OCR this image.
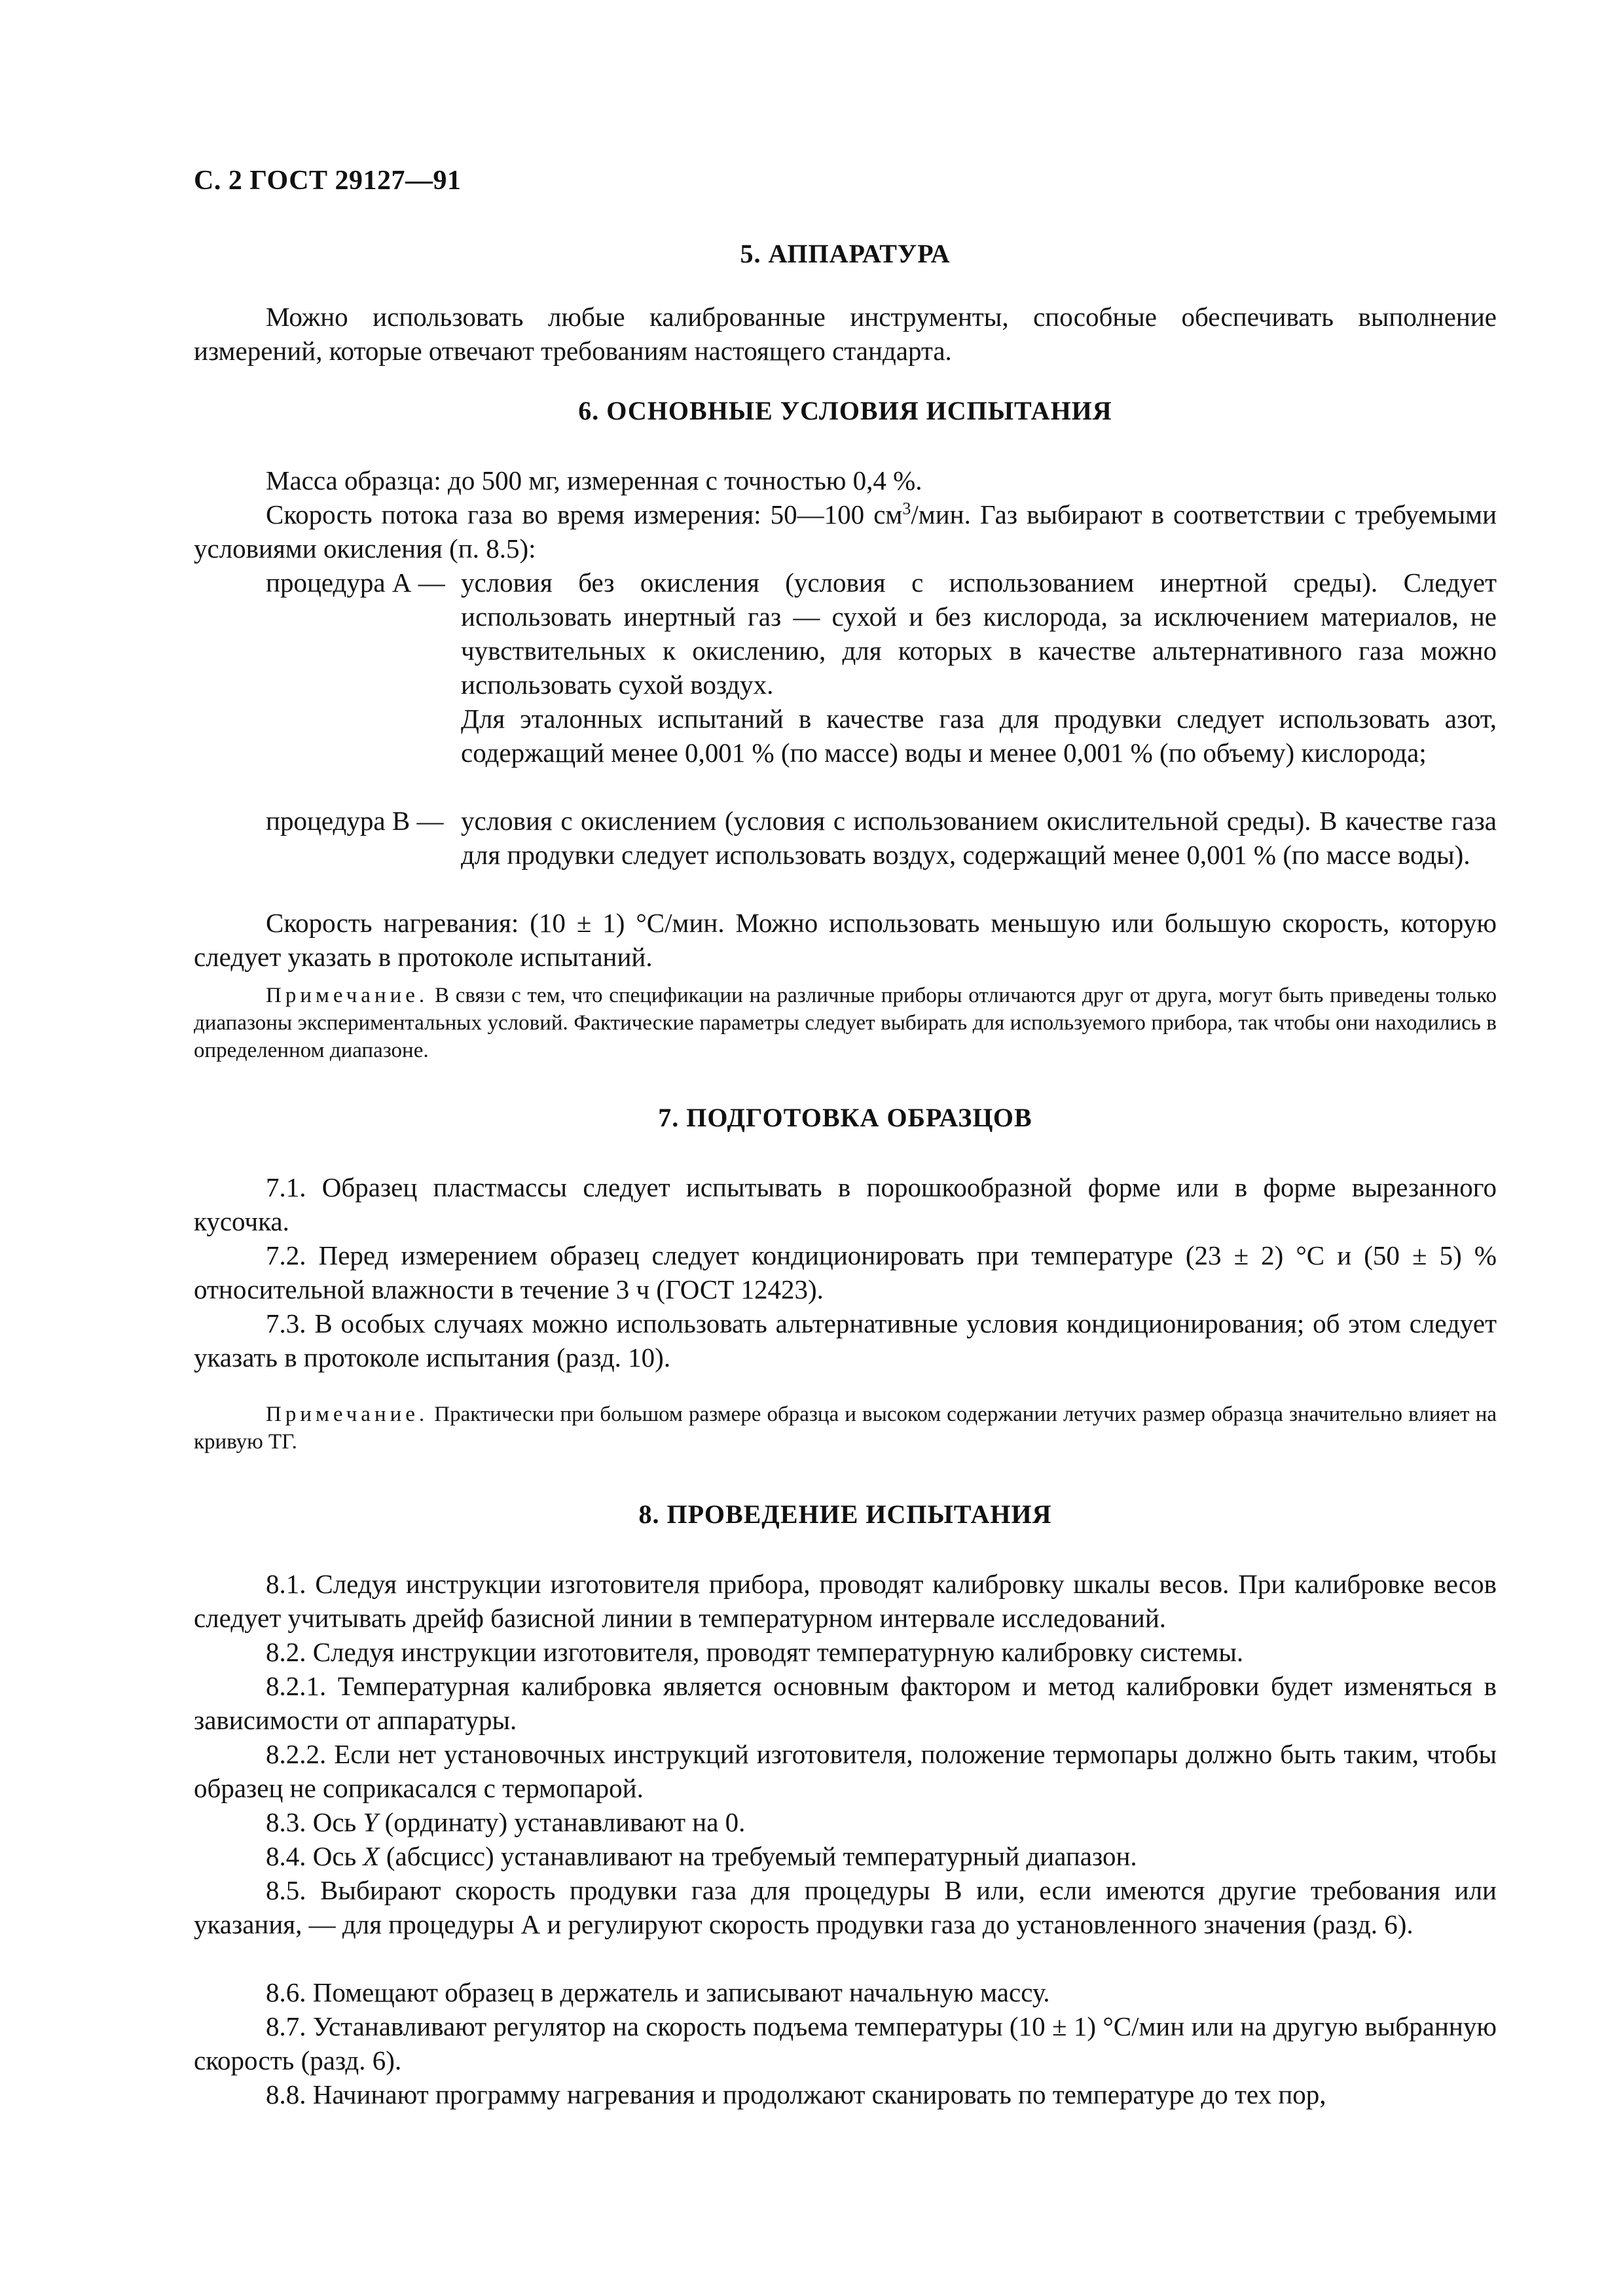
С. 2 ГОСТ 29127—91
5. АППАРАТУРА
Можно использовать любые калиброванные инструменты, способные обеспечивать выполнение измерений, которые отвечают требованиям настоящего стандарта.
6. ОСНОВНЫЕ УСЛОВИЯ ИСПЫТАНИЯ
Масса образца: до 500 мг, измеренная с точностью 0,4 %.
Скорость потока газа во время измерения: 50—100 $см^3$/мин. Газ выбирают в соответствии с требуемыми условиями окисления (п. 8.5):
процедура А — условия без окисления (условия с использованием инертной среды). Следует использовать инертный газ — сухой и без кислорода, за исключением материалов, не чувствительных к окислению, для которых в качестве альтернативного газа можно использовать сухой воздух.
Для эталонных испытаний в качестве газа для продувки следует использовать азот, содержащий менее 0,001 % (по массе) воды и менее 0,001 % (по объему) кислорода;
процедура В — условия с окислением (условия с использованием окислительной среды). В качестве газа для продувки следует использовать воздух, содержащий менее 0,001 % (по массе воды).
Скорость нагревания: (10 ± 1) °С/мин. Можно использовать меньшую или большую скорость, которую следует указать в протоколе испытаний.
Примечание. В связи с тем, что спецификации на различные приборы отличаются друг от друга, могут быть приведены только диапазоны экспериментальных условий. Фактические параметры следует выбирать для используемого прибора, так чтобы они находились в определенном диапазоне.
7. ПОДГОТОВКА ОБРАЗЦОВ
7.1. Образец пластмассы следует испытывать в порошкообразной форме или в форме вырезанного кусочка.
7.2. Перед измерением образец следует кондиционировать при температуре (23 ± 2) °С и (50 ± 5) % относительной влажности в течение 3 ч (ГОСТ 12423).
7.3. В особых случаях можно использовать альтернативные условия кондиционирования; об этом следует указать в протоколе испытания (разд. 10).
Примечание. Практически при большом размере образца и высоком содержании летучих размер образца значительно влияет на кривую ТГ.
8. ПРОВЕДЕНИЕ ИСПЫТАНИЯ
8.1. Следуя инструкции изготовителя прибора, проводят калибровку шкалы весов. При калибровке весов следует учитывать дрейф базисной линии в температурном интервале исследований.
8.2. Следуя инструкции изготовителя, проводят температурную калибровку системы.
8.2.1. Температурная калибровка является основным фактором и метод калибровки будет изменяться в зависимости от аппаратуры.
8.2.2. Если нет установочных инструкций изготовителя, положение термопары должно быть таким, чтобы образец не соприкасался с термопарой.
8.3. Ось Y (ординату) устанавливают на 0.
8.4. Ось X (абсцисс) устанавливают на требуемый температурный диапазон.
8.5. Выбирают скорость продувки газа для процедуры В или, если имеются другие требования или указания, — для процедуры А и регулируют скорость продувки газа до установленного значения (разд. 6).
8.6. Помещают образец в держатель и записывают начальную массу.
8.7. Устанавливают регулятор на скорость подъема температуры (10 ± 1) °С/мин или на другую выбранную скорость (разд. 6).
8.8. Начинают программу нагревания и продолжают сканировать по температуре до тех пор,
